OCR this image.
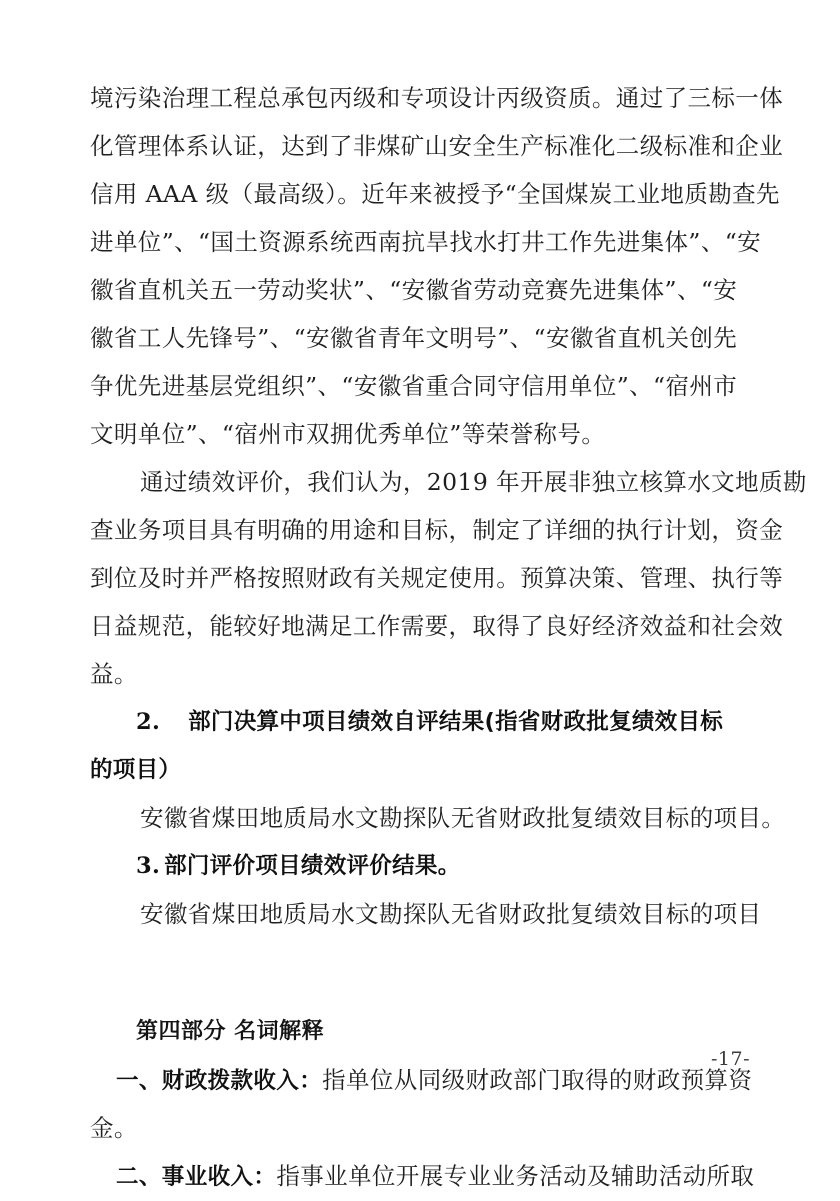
境污染治理工程总承包丙级和专项设计丙级资质。通过了三标一体
化管理体系认证，达到了非煤矿山安全生产标准化二级标准和企业
信用 AAA 级（最高级）。近年来被授予“全国煤炭工业地质勘查先
进单位”、“国土资源系统西南抗旱找水打井工作先进集体”、“安
徽省直机关五一劳动奖状”、“安徽省劳动竞赛先进集体”、“安
徽省工人先锋号”、“安徽省青年文明号”、“安徽省直机关创先
争优先进基层党组织”、“安徽省重合同守信用单位”、“宿州市
文明单位”、“宿州市双拥优秀单位”等荣誉称号。
通过绩效评价，我们认为，2019 年开展非独立核算水文地质勘
查业务项目具有明确的用途和目标，制定了详细的执行计划，资金
到位及时并严格按照财政有关规定使用。预算决策、管理、执行等
日益规范，能较好地满足工作需要，取得了良好经济效益和社会效
益。
2. 部门决算中项目绩效自评结果(指省财政批复绩效目标
的项目）
安徽省煤田地质局水文勘探队无省财政批复绩效目标的项目。
3. 部门评价项目绩效评价结果。
安徽省煤田地质局水文勘探队无省财政批复绩效目标的项目
第四部分 名词解释
一、财政拨款收入：指单位从同级财政部门取得的财政预算资
金。
二、事业收入：指事业单位开展专业业务活动及辅助活动所取
-17-
